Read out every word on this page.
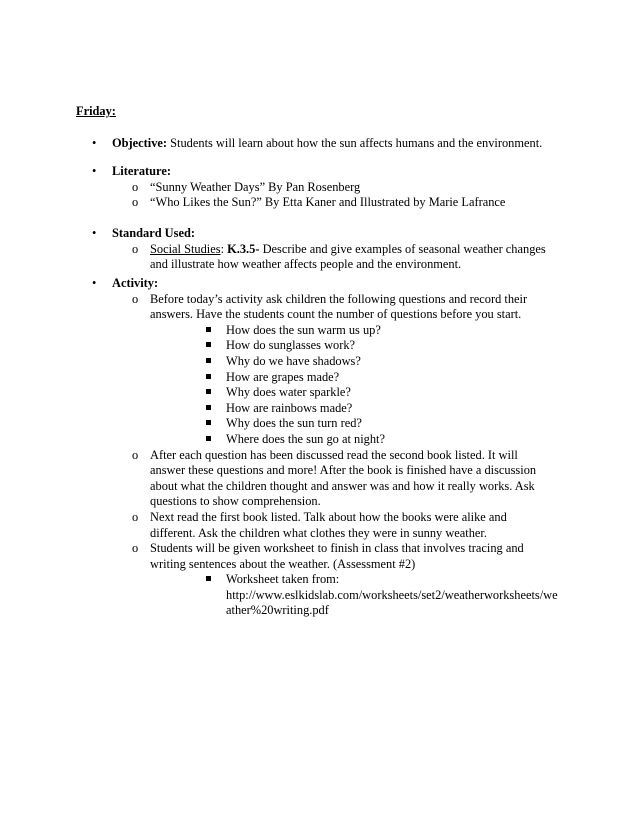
Friday:
• Objective: Students will learn about how the sun affects humans and the environment.
• Literature:
o “Sunny Weather Days” By Pan Rosenberg
o “Who Likes the Sun?” By Etta Kaner and Illustrated by Marie Lafrance
• Standard Used:
o Social Studies: K.3.5- Describe and give examples of seasonal weather changes
and illustrate how weather affects people and the environment.
• Activity:
o Before today’s activity ask children the following questions and record their
answers. Have the students count the number of questions before you start.
How does the sun warm us up?
How do sunglasses work?
Why do we have shadows?
How are grapes made?
Why does water sparkle?
How are rainbows made?
Why does the sun turn red?
Where does the sun go at night?
o After each question has been discussed read the second book listed. It will
answer these questions and more! After the book is finished have a discussion
about what the children thought and answer was and how it really works. Ask
questions to show comprehension.
o Next read the first book listed. Talk about how the books were alike and
different. Ask the children what clothes they were in sunny weather.
o Students will be given worksheet to finish in class that involves tracing and
writing sentences about the weather. (Assessment #2)
Worksheet taken from:
http://www.eslkidslab.com/worksheets/set2/weatherworksheets/we
ather%20writing.pdf
